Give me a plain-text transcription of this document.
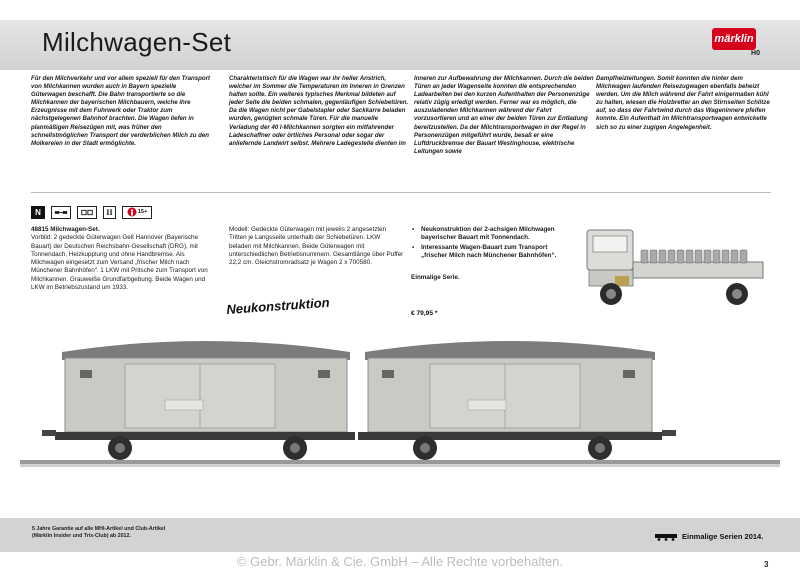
Milchwagen-Set	märklin
H0
Für den Milchverkehr und vor allem speziell für den Transport von Milchkannen wurden auch in Bayern spezielle Güterwagen beschafft. Die Bahn transportierte so die Milchkannen der bayerischen Milchbauern, welche ihre Erzeugnisse mit dem Fuhrwerk oder Traktor zum nächstgelegenen Bahnhof brachten. Die Wagen liefen in planmäßigen Reisezügen mit, was früher den schnellstmöglichen Transport der verderblichen Milch zu den Molkereien in der Stadt ermöglichte.
Charakteristisch für die Wagen war ihr heller Anstrich, welcher im Sommer die Temperaturen im Inneren in Grenzen halten sollte. Ein weiteres typisches Merkmal bildeten auf jeder Seite die beiden schmalen, gegenläufigen Schiebetüren. Da die Wagen nicht per Gabelstapler oder Sackkarre beladen wurden, genügten schmale Türen. Für die manuelle Verladung der 40 l-Milchkannen sorgten ein mitfahrender Ladeschaffner oder örtliches Personal oder sogar der anliefernde Landwirt selbst. Mehrere Ladegestelle dienten im
Inneren zur Aufbewahrung der Milchkannen. Durch die beiden Türen an jeder Wagenseite konnten die entsprechenden Ladearbeiten bei den kurzen Aufenthalten der Personenzüge relativ zügig erledigt werden. Ferner war es möglich, die auszuladenden Milchkannen während der Fahrt vorzusortieren und an einer der beiden Türen zur Entladung bereitzustellen. Da der Milchtransportwagen in der Regel in Personenzügen mitgeführt wurde, besaß er eine Luftdruckbremse der Bauart Westinghouse, elektrische Leitungen sowie
Dampfheizleitungen. Somit konnten die hinter dem Milchwagen laufenden Reisezugwagen ebenfalls beheizt werden. Um die Milch während der Fahrt einigermaßen kühl zu halten, wiesen die Holzbretter an den Stirnseiten Schlitze auf, so dass der Fahrtwind durch das Wageninnere pfeifen konnte. Ein Aufenthalt im Milchtransportwagen entwickelte sich so zu einer zugigen Angelegenheit.
N	II	15+
48815 Milchwagen-Set.
Vorbild: 2 gedeckte Güterwagen Gelt Hannover (Bayerische Bauart) der Deutschen Reichsbahn-Gesellschaft (DRG), mit Tonnendach, Heizkupplung und ohne Handbremse. Als Milchwagen eingesetzt zum Versand „frischer Milch nach Münchener Bahnhöfen“. 1 LKW mit Pritsche zum Transport von Milchkannen. Grauweiße Grundfarbgebung. Beide Wagen und LKW im Betriebszustand um 1933.
Modell: Gedeckte Güterwagen mit jeweils 2 angesetzten Tritten je Langsseite unterhalb der Schiebetüren. LKW beladen mit Milchkannen. Beide Güterwagen mit unterschiedlichen Betriebsnummern. Gesamtlänge über Puffer 22,2 cm. Gleichstromradsatz je Wagen 2 x 700580.
▪ Neukonstruktion der 2-achsigen Milchwagen bayerischer Bauart mit Tonnendach.
▪ Interessante Wagen-Bauart zum Transport „frischer Milch nach Münchener Bahnhöfen“.
Einmalige Serie.
€ 79,95 *
Neukonstruktion
5 Jahre Garantie auf alle MHI-Artikel und Club-Artikel
(Märklin Insider und Trix-Club) ab 2012.	Einmalige Serien 2014.
© Gebr. Märklin & Cie. GmbH – Alle Rechte vorbehalten.	3
